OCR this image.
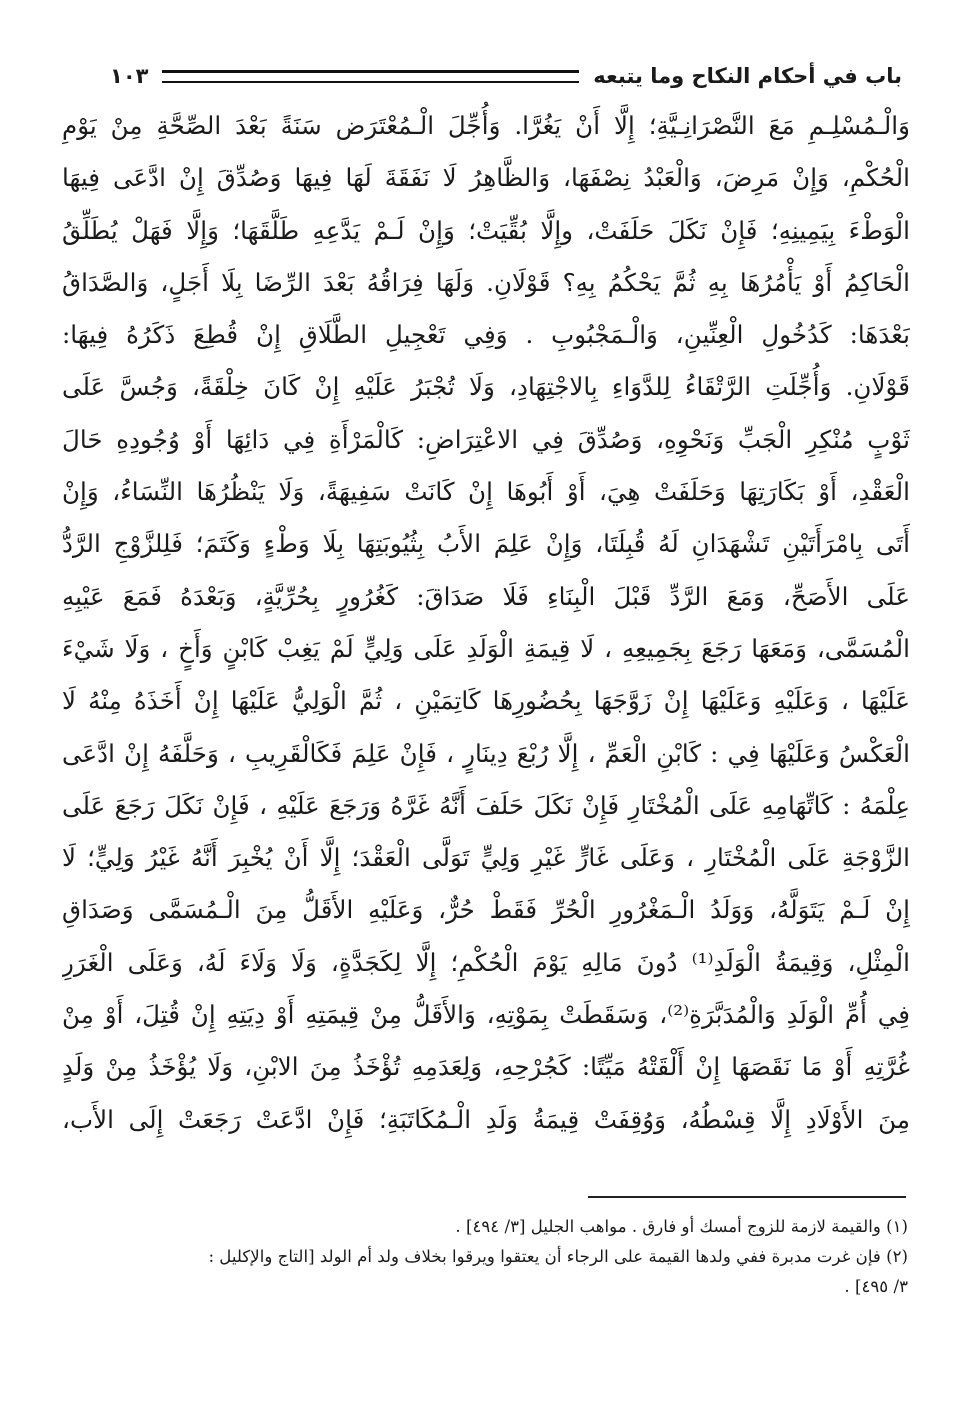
١٠٣	باب في أحكام النكاح وما يتبعه
وَالْـمُسْلِـمِ مَعَ النَّصْرَانِـيَّةِ؛ إِلَّا أَنْ يَغُرَّا. وَأُجِّلَ الْـمُعْتَرَض سَنَةً بَعْدَ الصِّحَّةِ مِنْ يَوْمِ
الْحُكْمِ، وَإِنْ مَرِضَ، وَالْعَبْدُ نِصْفَهَا، وَالظَّاهِرُ لَا نَفَقَةَ لَهَا فِيهَا وَصُدِّقَ إِنْ ادَّعَى فِيهَا
الْوَطْءَ بِيَمِينِهِ؛ فَإِنْ نَكَلَ حَلَفَتْ، وإِلَّا بُقِّيَتْ؛ وَإِنْ لَـمْ يَدَّعِهِ طَلَّقَهَا؛ وَإِلَّا فَهَلْ يُطَلِّقُ
الْحَاكِمُ أَوْ يَأْمُرُهَا بِهِ ثُمَّ يَحْكُمُ بِهِ؟ قَوْلَانِ. وَلَهَا فِرَاقُهُ بَعْدَ الرِّضَا بِلَا أَجَلٍ، وَالصَّدَاقُ
بَعْدَهَا: كَدُخُولِ الْعِنِّينِ، وَالْـمَجْبُوبِ . وَفِي تَعْجِيلِ الطَّلَاقِ إِنْ قُطِعَ ذَكَرُهُ فِيهَا:
قَوْلَانِ. وَأُجِّلَتِ الرَّتْقَاءُ لِلدَّوَاءِ بِالاجْتِهَادِ، وَلَا تُجْبَرُ عَلَيْهِ إِنْ كَانَ خِلْقَةً، وَجُسَّ عَلَى
ثَوْبٍ مُنْكِرِ الْجَبِّ وَنَحْوِهِ، وَصُدِّقَ فِي الاعْتِرَاضِ: كَالْمَرْأَةِ فِي دَائِهَا أَوْ وُجُودِهِ حَالَ
الْعَقْدِ، أَوْ بَكَارَتِهَا وَحَلَفَتْ هِيَ، أَوْ أَبُوهَا إِنْ كَانَتْ سَفِيهَةً، وَلَا يَنْظُرُهَا النِّسَاءُ، وَإِنْ
أَتَى بِامْرَأَتَيْنِ تَشْهَدَانِ لَهُ قُبِلَتَا، وَإِنْ عَلِمَ الأَبُ بِثُيُوبَتِهَا بِلَا وَطْءٍ وَكَتَمَ؛ فَلِلزَّوْجِ الرَّدُّ
عَلَى الأَصَحِّ، وَمَعَ الرَّدِّ قَبْلَ الْبِنَاءِ فَلَا صَدَاقَ: كَغُرُورٍ بِحُرِّيَّةٍ، وَبَعْدَهُ فَمَعَ عَيْبِهِ
الْمُسَمَّى، وَمَعَهَا رَجَعَ بِجَمِيعِهِ ، لَا قِيمَةِ الْوَلَدِ عَلَى وَلِيٍّ لَمْ يَغِبْ كَابْنٍ وَأَخٍ ، وَلَا شَيْءَ
عَلَيْهَا ، وَعَلَيْهِ وَعَلَيْهَا إِنْ زَوَّجَهَا بِحُضُورِهَا كَاتِمَيْنِ ، ثُمَّ الْوَلِيُّ عَلَيْهَا إِنْ أَخَذَهُ مِنْهُ لَا
الْعَكْسُ وَعَلَيْهَا فِي : كَابْنِ الْعَمِّ ، إِلَّا رُبْعَ دِينَارٍ ، فَإِنْ عَلِمَ فَكَالْقَرِيبِ ، وَحَلَّفَهُ إِنْ ادَّعَى
عِلْمَهُ : كَاتِّهَامِهِ عَلَى الْمُخْتَارِ فَإِنْ نَكَلَ حَلَفَ أَنَّهُ غَرَّهُ وَرَجَعَ عَلَيْهِ ، فَإِنْ نَكَلَ رَجَعَ عَلَى
الزَّوْجَةِ عَلَى الْمُخْتَارِ ، وَعَلَى غَارٍّ غَيْرِ وَلِيٍّ تَوَلَّى الْعَقْدَ؛ إِلَّا أَنْ يُخْبِرَ أَنَّهُ غَيْرُ وَلِيٍّ؛ لَا
إِنْ لَـمْ يَتَوَلَّهُ، وَوَلَدُ الْـمَغْرُورِ الْحُرِّ فَقَطْ حُرٌّ، وَعَلَيْهِ الأَقَلُّ مِنَ الْـمُسَمَّى وَصَدَاقِ
الْمِثْلِ، وَقِيمَةُ الْوَلَدِ⁽¹⁾ دُونَ مَالِهِ يَوْمَ الْحُكْمِ؛ إِلَّا لِكَجَدَّةٍ، وَلَا وَلَاءَ لَهُ، وَعَلَى الْغَرَرِ
فِي أُمِّ الْوَلَدِ وَالْمُدَبَّرَةِ⁽²⁾، وَسَقَطَتْ بِمَوْتِهِ، وَالأَقَلُّ مِنْ قِيمَتِهِ أَوْ دِيَتِهِ إِنْ قُتِلَ، أَوْ مِنْ
غُرَّتِهِ أَوْ مَا نَقَصَهَا إِنْ أَلْقَتْهُ مَيِّتًا: كَجُرْحِهِ، وَلِعَدَمِهِ تُؤْخَذُ مِنَ الابْنِ، وَلَا يُؤْخَذُ مِنْ وَلَدٍ
مِنَ الأَوْلَادِ إِلَّا قِسْطُهُ، وَوُقِفَتْ قِيمَةُ وَلَدِ الْـمُكَاتَبَةِ؛ فَإِنْ ادَّعَتْ رَجَعَتْ إِلَى الأَب،
(١) والقيمة لازمة للزوج أمسك أو فارق . مواهب الجليل [٣/ ٤٩٤] .
(٢) فإن غرت مدبرة ففي ولدها القيمة على الرجاء أن يعتقوا ويرقوا بخلاف ولد أم الولد [التاج والإكليل :
٣/ ٤٩٥] .
